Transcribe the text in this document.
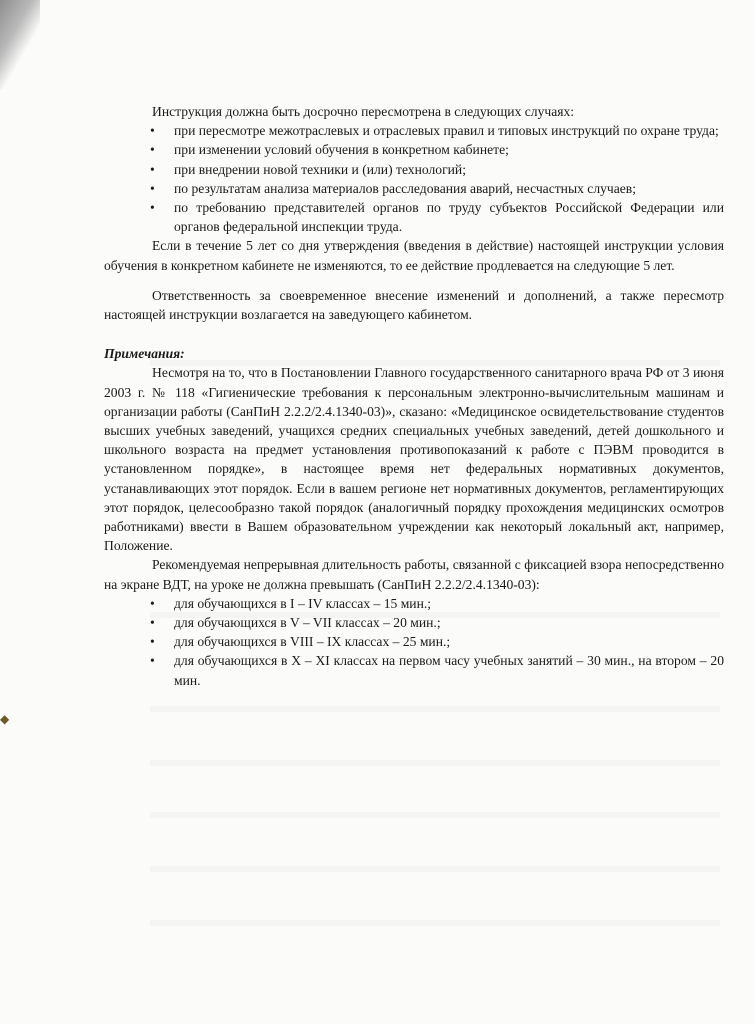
◆

Инструкция должна быть досрочно пересмотрена в следующих случаях:

• при пересмотре межотраслевых и отраслевых правил и типовых инструкций по охране труда;
• при изменении условий обучения в конкретном кабинете;
• при внедрении новой техники и (или) технологий;
• по результатам анализа материалов расследования аварий, несчастных случаев;
• по требованию представителей органов по труду субъектов Российской Федерации или органов федеральной инспекции труда.

Если в течение 5 лет со дня утверждения (введения в действие) настоящей инструкции условия обучения в конкретном кабинете не изменяются, то ее действие продлевается на следующие 5 лет.

Ответственность за своевременное внесение изменений и дополнений, а также пересмотр настоящей инструкции возлагается на заведующего кабинетом.

Примечания:

Несмотря на то, что в Постановлении Главного государственного санитарного врача РФ от 3 июня 2003 г. № 118 «Гигиенические требования к персональным электронно-вычислительным машинам и организации работы (СанПиН 2.2.2/2.4.1340-03)», сказано: «Медицинское освидетельствование студентов высших учебных заведений, учащихся средних специальных учебных заведений, детей дошкольного и школьного возраста на предмет установления противопоказаний к работе с ПЭВМ проводится в установленном порядке», в настоящее время нет федеральных нормативных документов, устанавливающих этот порядок. Если в вашем регионе нет нормативных документов, регламентирующих этот порядок, целесообразно такой порядок (аналогичный порядку прохождения медицинских осмотров работниками) ввести в Вашем образовательном учреждении как некоторый локальный акт, например, Положение.

Рекомендуемая непрерывная длительность работы, связанной с фиксацией взора непосредственно на экране ВДТ, на уроке не должна превышать (СанПиН 2.2.2/2.4.1340-03):

• для обучающихся в I – IV классах – 15 мин.;
• для обучающихся в V – VII классах – 20 мин.;
• для обучающихся в VIII – IX классах – 25 мин.;
• для обучающихся в X – XI классах на первом часу учебных занятий – 30 мин., на втором – 20 мин.
